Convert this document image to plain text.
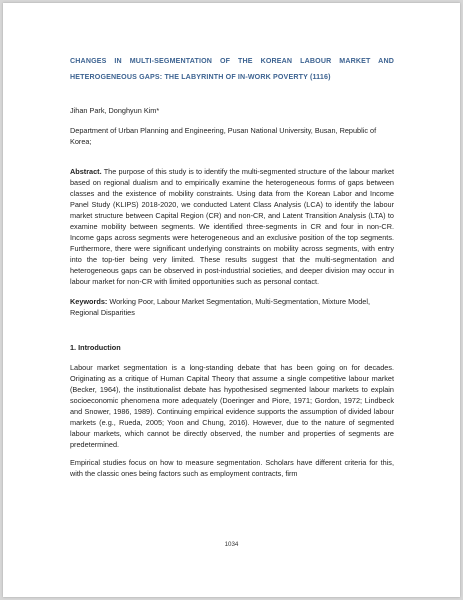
CHANGES IN MULTI-SEGMENTATION OF THE KOREAN LABOUR MARKET AND HETEROGENEOUS GAPS: THE LABYRINTH OF IN-WORK POVERTY (1116)

Jihan Park, Donghyun Kim*

Department of Urban Planning and Engineering, Pusan National University, Busan, Republic of Korea;

Abstract. The purpose of this study is to identify the multi-segmented structure of the labour market based on regional dualism and to empirically examine the heterogeneous forms of gaps between classes and the existence of mobility constraints. Using data from the Korean Labor and Income Panel Study (KLIPS) 2018-2020, we conducted Latent Class Analysis (LCA) to identify the labour market structure between Capital Region (CR) and non-CR, and Latent Transition Analysis (LTA) to examine mobility between segments. We identified three-segments in CR and four in non-CR. Income gaps across segments were heterogeneous and an exclusive position of the top segments. Furthermore, there were significant underlying constraints on mobility across segments, with entry into the top-tier being very limited. These results suggest that the multi-segmentation and heterogeneous gaps can be observed in post-industrial societies, and deeper division may occur in labour market for non-CR with limited opportunities such as personal contact.

Keywords: Working Poor, Labour Market Segmentation, Multi-Segmentation, Mixture Model, Regional Disparities

1. Introduction

Labour market segmentation is a long-standing debate that has been going on for decades. Originating as a critique of Human Capital Theory that assume a single competitive labour market (Becker, 1964), the institutionalist debate has hypothesised segmented labour markets to explain socioeconomic phenomena more adequately (Doeringer and Piore, 1971; Gordon, 1972; Lindbeck and Snower, 1986, 1989). Continuing empirical evidence supports the assumption of divided labour markets (e.g., Rueda, 2005; Yoon and Chung, 2016). However, due to the nature of segmented labour markets, which cannot be directly observed, the number and properties of segments are predetermined.

Empirical studies focus on how to measure segmentation. Scholars have different criteria for this, with the classic ones being factors such as employment contracts, firm

1034
